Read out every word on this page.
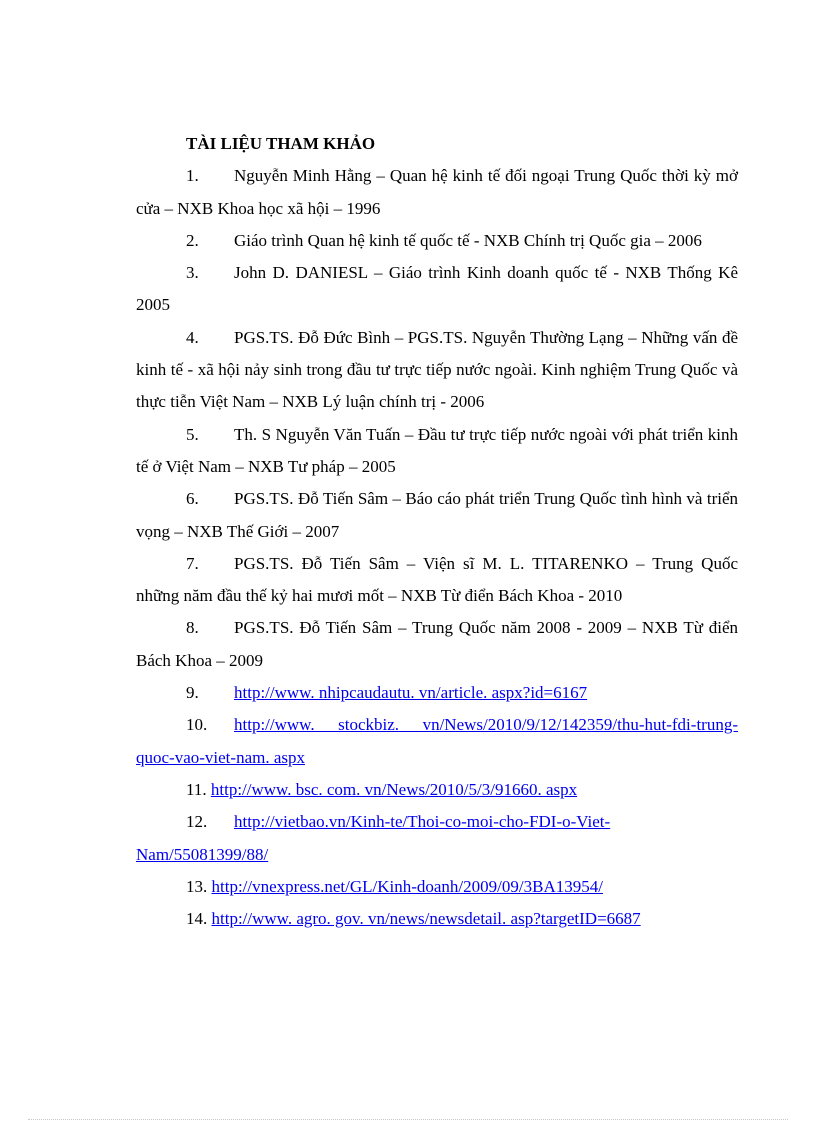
TÀI LIỆU THAM KHẢO

1. Nguyễn Minh Hằng – Quan hệ kinh tế đối ngoại Trung Quốc thời kỳ mở cửa – NXB Khoa học xã hội – 1996

2. Giáo trình Quan hệ kinh tế quốc tế - NXB Chính trị Quốc gia – 2006

3. John D. DANIESL – Giáo trình Kinh doanh quốc tế - NXB Thống Kê 2005

4. PGS.TS. Đỗ Đức Bình – PGS.TS. Nguyễn Thường Lạng – Những vấn đề kinh tế - xã hội nảy sinh trong đầu tư trực tiếp nước ngoài. Kinh nghiệm Trung Quốc và thực tiễn Việt Nam – NXB Lý luận chính trị - 2006

5. Th. S Nguyễn Văn Tuấn – Đầu tư trực tiếp nước ngoài với phát triển kinh tế ở Việt Nam – NXB Tư pháp – 2005

6. PGS.TS. Đỗ Tiến Sâm – Báo cáo phát triển Trung Quốc tình hình và triển vọng – NXB Thế Giới – 2007

7. PGS.TS. Đỗ Tiến Sâm – Viện sĩ M. L. TITARENKO – Trung Quốc những năm đầu thế kỷ hai mươi mốt – NXB Từ điển Bách Khoa - 2010

8. PGS.TS. Đỗ Tiến Sâm – Trung Quốc năm 2008 - 2009 – NXB Từ điển Bách Khoa – 2009

9. http://www. nhipcaudautu. vn/article. aspx?id=6167

10. http://www. stockbiz. vn/News/2010/9/12/142359/thu-hut-fdi-trung-quoc-vao-viet-nam. aspx

11. http://www. bsc. com. vn/News/2010/5/3/91660. aspx

12. http://vietbao.vn/Kinh-te/Thoi-co-moi-cho-FDI-o-Viet-Nam/55081399/88/

13. http://vnexpress.net/GL/Kinh-doanh/2009/09/3BA13954/

14. http://www. agro. gov. vn/news/newsdetail. asp?targetID=6687
